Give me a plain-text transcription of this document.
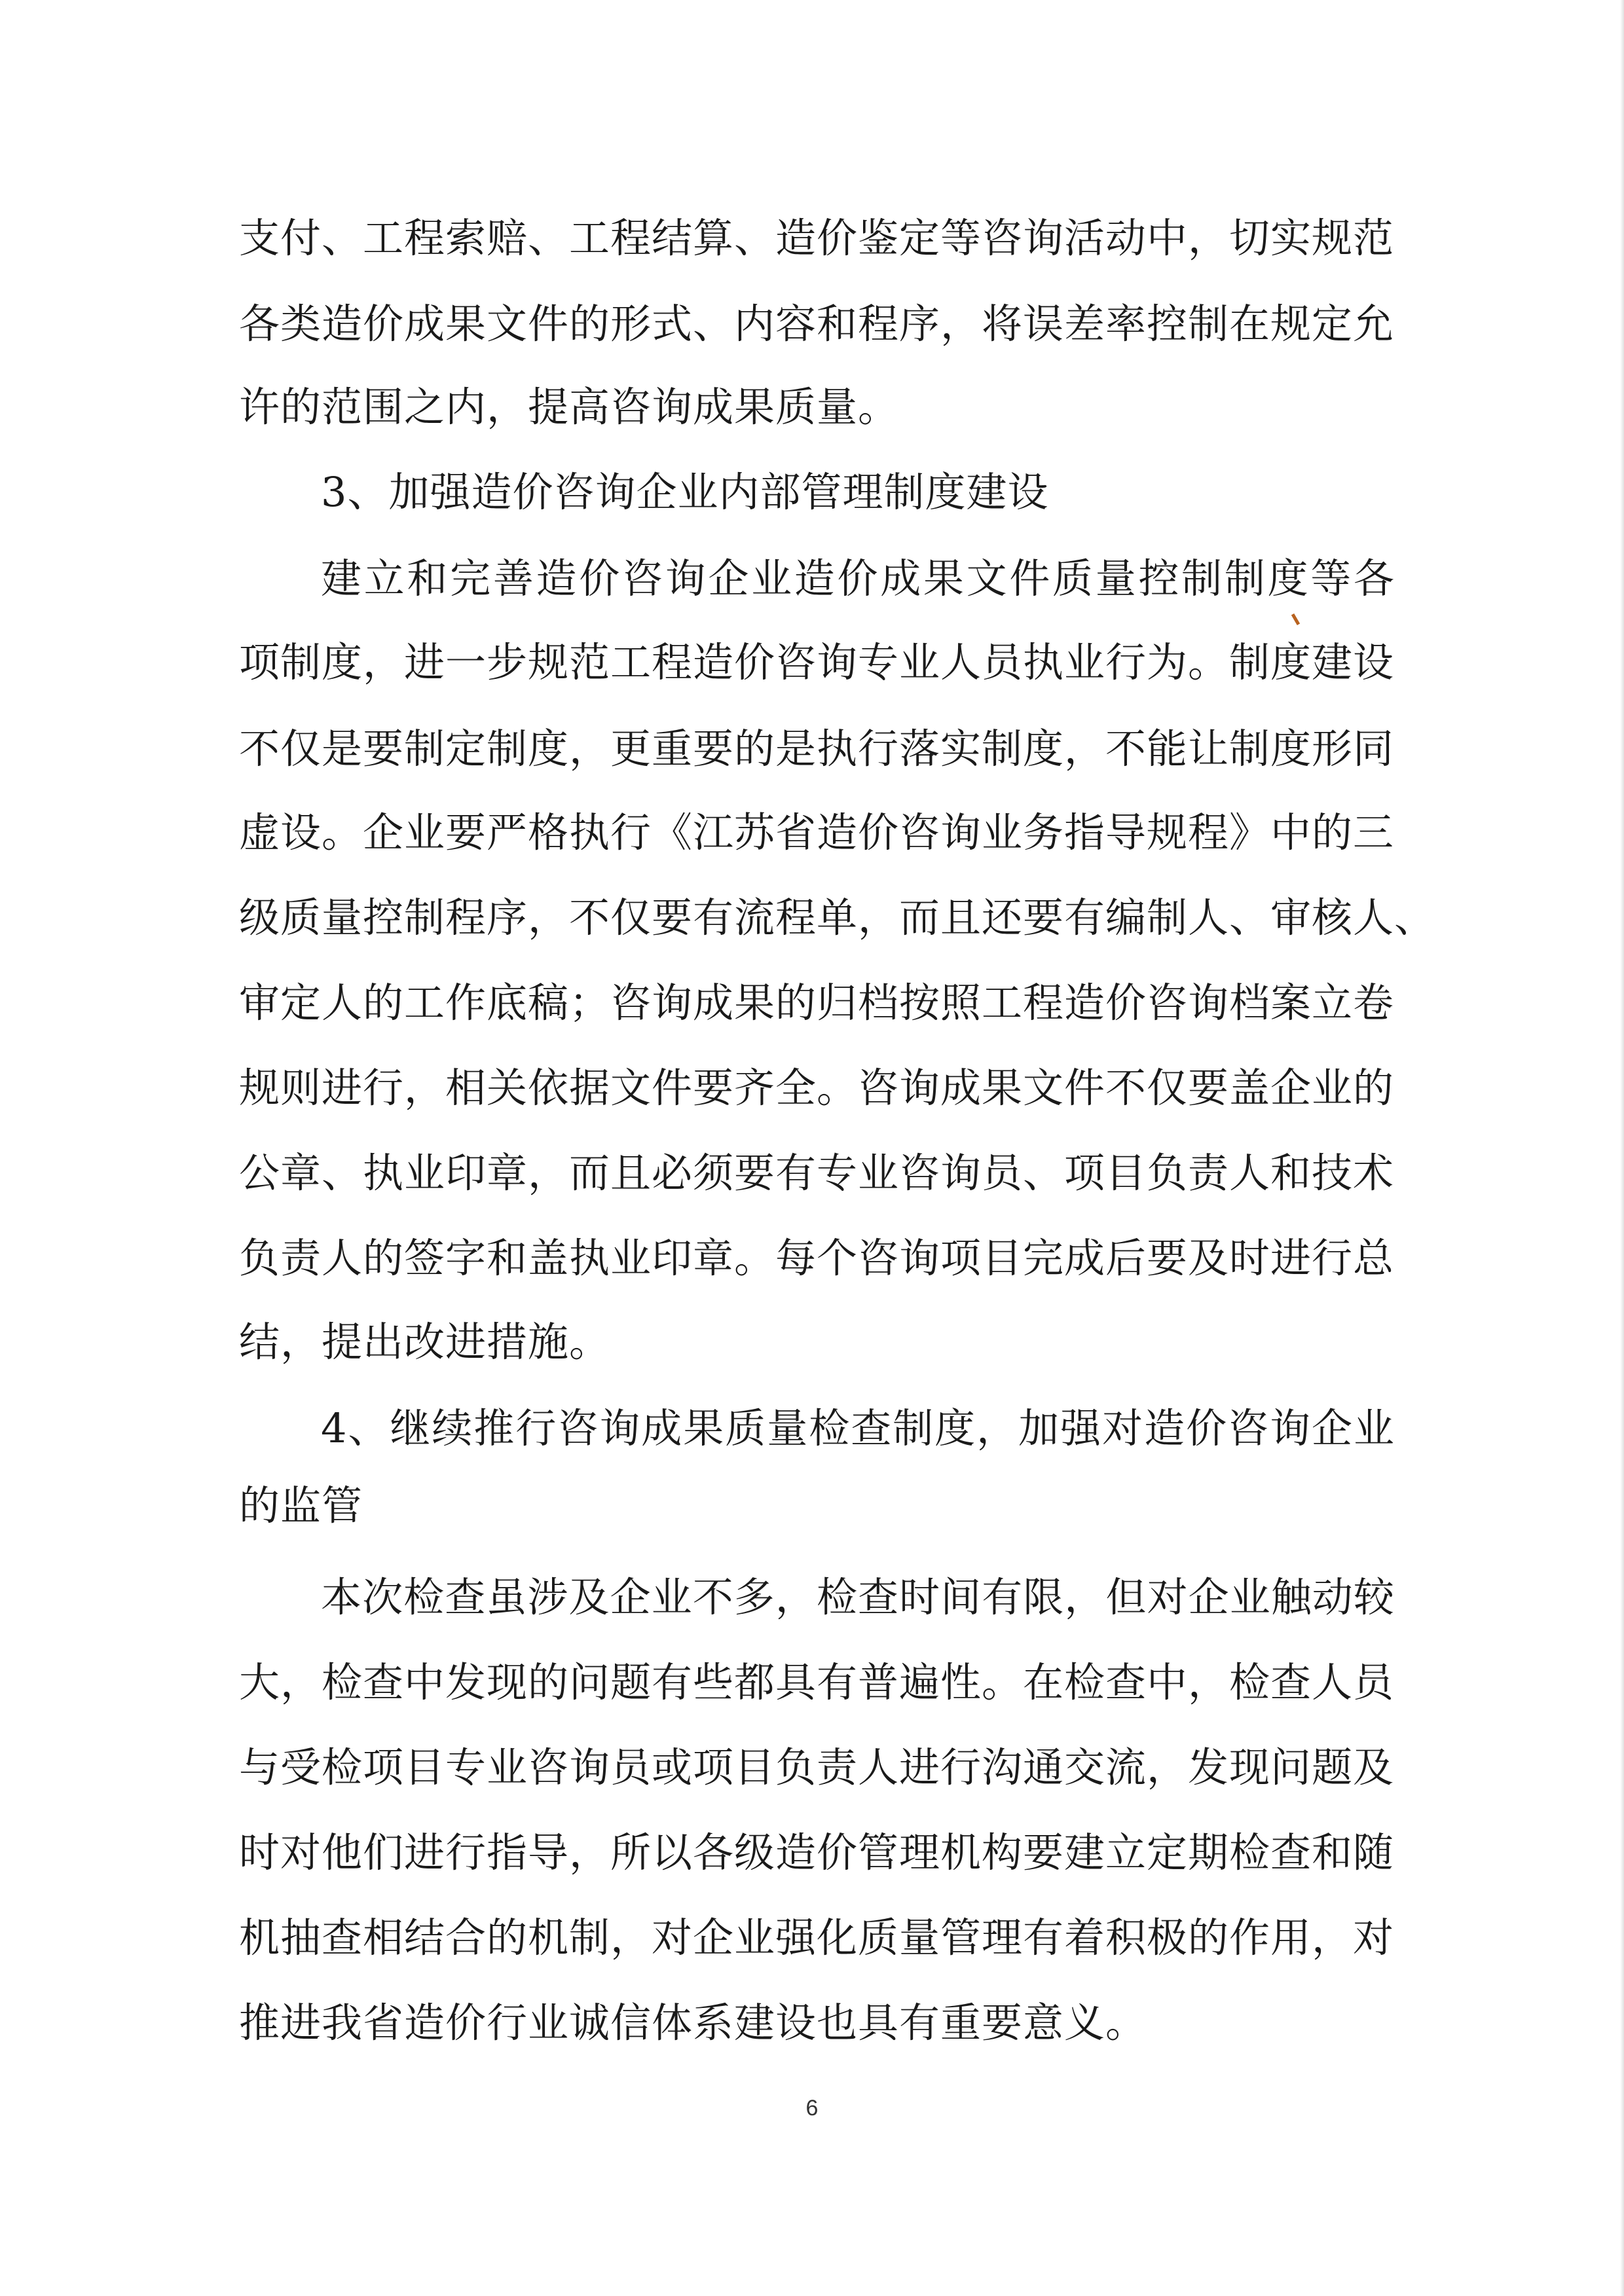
支付、工程索赔、工程结算、造价鉴定等咨询活动中，切实规范
各类造价成果文件的形式、内容和程序，将误差率控制在规定允
许的范围之内，提高咨询成果质量。
3、加强造价咨询企业内部管理制度建设
建立和完善造价咨询企业造价成果文件质量控制制度等各
项制度，进一步规范工程造价咨询专业人员执业行为。制度建设
不仅是要制定制度，更重要的是执行落实制度，不能让制度形同
虚设。企业要严格执行《江苏省造价咨询业务指导规程》中的三
级质量控制程序，不仅要有流程单，而且还要有编制人、审核人、
审定人的工作底稿；咨询成果的归档按照工程造价咨询档案立卷
规则进行，相关依据文件要齐全。咨询成果文件不仅要盖企业的
公章、执业印章，而且必须要有专业咨询员、项目负责人和技术
负责人的签字和盖执业印章。每个咨询项目完成后要及时进行总
结，提出改进措施。
4、继续推行咨询成果质量检查制度，加强对造价咨询企业
的监管
本次检查虽涉及企业不多，检查时间有限，但对企业触动较
大，检查中发现的问题有些都具有普遍性。在检查中，检查人员
与受检项目专业咨询员或项目负责人进行沟通交流，发现问题及
时对他们进行指导，所以各级造价管理机构要建立定期检查和随
机抽查相结合的机制，对企业强化质量管理有着积极的作用，对
推进我省造价行业诚信体系建设也具有重要意义。
6
